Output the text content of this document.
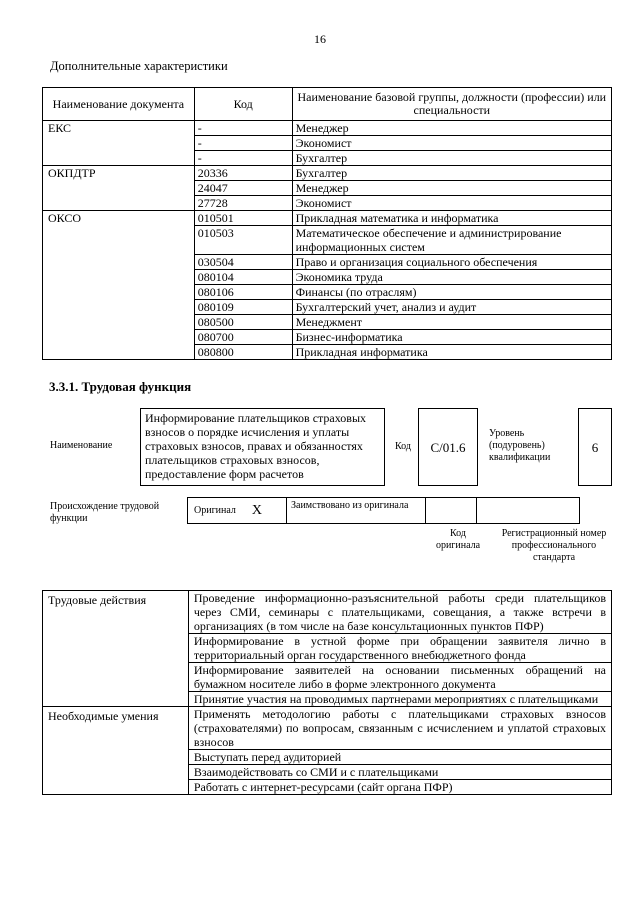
16
Дополнительные характеристики
Наименование документа	Код	Наименование базовой группы, должности (профессии) или специальности
ЕКС	-	Менеджер
	-	Экономист
	-	Бухгалтер
ОКПДТР	20336	Бухгалтер
	24047	Менеджер
	27728	Экономист
ОКСО	010501	Прикладная математика и информатика
	010503	Математическое обеспечение и администрирование информационных систем
	030504	Право и организация социального обеспечения
	080104	Экономика труда
	080106	Финансы (по отраслям)
	080109	Бухгалтерский учет, анализ и аудит
	080500	Менеджмент
	080700	Бизнес-информатика
	080800	Прикладная информатика
3.3.1. Трудовая функция
Наименование
Информирование плательщиков страховых взносов о порядке исчисления и уплаты страховых взносов, правах и обязанностях плательщиков страховых взносов, предоставление форм расчетов
Код	C/01.6
Уровень (подуровень) квалификации
6
Происхождение трудовой функции
Оригинал X	Заимствовано из оригинала
Код оригинала
Регистрационный номер профессионального стандарта
Трудовые действия	Проведение информационно-разъяснительной работы среди плательщиков через СМИ, семинары с плательщиками, совещания, а также встречи в организациях (в том числе на базе консультационных пунктов ПФР)
	Информирование в устной форме при обращении заявителя лично в территориальный орган государственного внебюджетного фонда
	Информирование заявителей на основании письменных обращений на бумажном носителе либо в форме электронного документа
	Принятие участия на проводимых партнерами мероприятиях с плательщиками

Необходимые умения	Применять методологию работы с плательщиками страховых взносов (страхователями) по вопросам, связанным с исчислением и уплатой страховых взносов
	Выступать перед аудиторией
	Взаимодействовать со СМИ и с плательщиками
	Работать с интернет-ресурсами (сайт органа ПФР)
